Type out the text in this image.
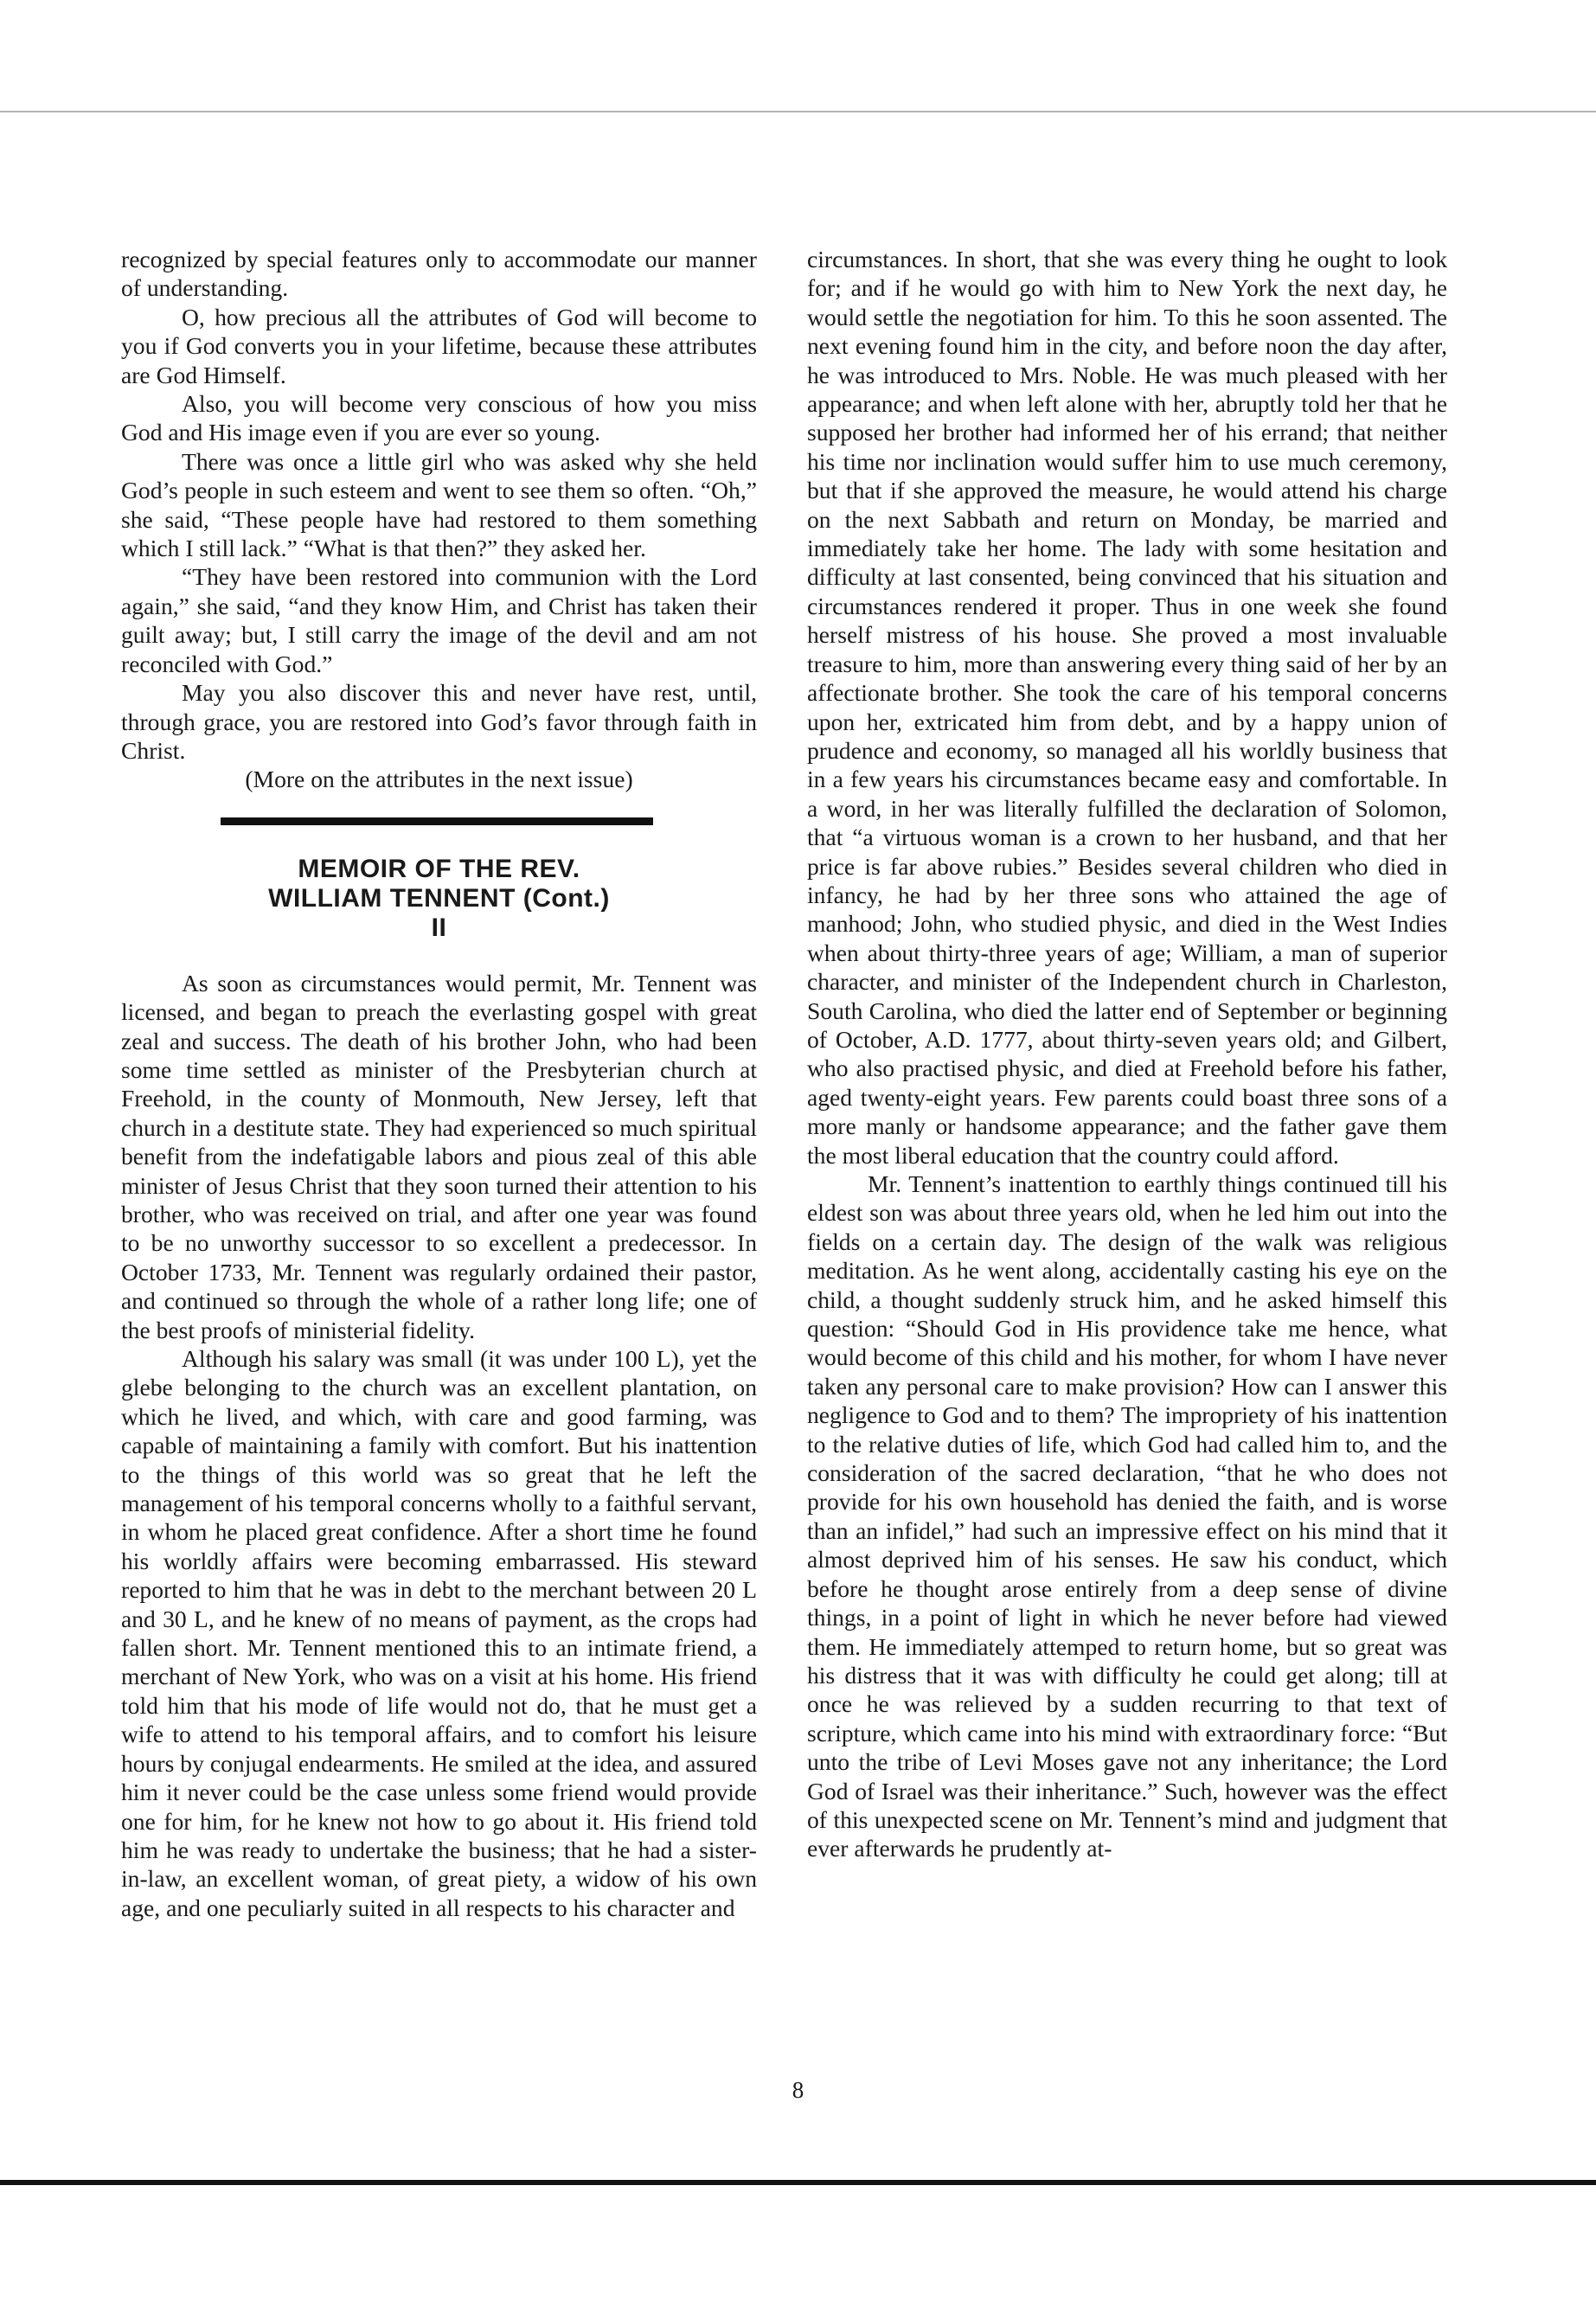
recognized by special features only to accommodate our manner of understanding.

O, how precious all the attributes of God will become to you if God converts you in your lifetime, because these attributes are God Himself.

Also, you will become very conscious of how you miss God and His image even if you are ever so young.

There was once a little girl who was asked why she held God’s people in such esteem and went to see them so often. “Oh,” she said, “These people have had restored to them something which I still lack.” “What is that then?” they asked her.

“They have been restored into communion with the Lord again,” she said, “and they know Him, and Christ has taken their guilt away; but, I still carry the image of the devil and am not reconciled with God.”

May you also discover this and never have rest, until, through grace, you are restored into God’s favor through faith in Christ.

(More on the attributes in the next issue)

MEMOIR OF THE REV.
WILLIAM TENNENT (Cont.)
II

As soon as circumstances would permit, Mr. Tennent was licensed, and began to preach the everlasting gospel with great zeal and success. The death of his brother John, who had been some time settled as minister of the Presbyterian church at Freehold, in the county of Monmouth, New Jersey, left that church in a destitute state. They had experienced so much spiritual benefit from the indefatigable labors and pious zeal of this able minister of Jesus Christ that they soon turned their attention to his brother, who was received on trial, and after one year was found to be no unworthy successor to so excellent a predecessor. In October 1733, Mr. Tennent was regularly ordained their pastor, and continued so through the whole of a rather long life; one of the best proofs of ministerial fidelity.

Although his salary was small (it was under 100 L), yet the glebe belonging to the church was an excellent plantation, on which he lived, and which, with care and good farming, was capable of maintaining a family with comfort. But his inattention to the things of this world was so great that he left the management of his temporal concerns wholly to a faithful servant, in whom he placed great confidence. After a short time he found his worldly affairs were becoming embarrassed. His steward reported to him that he was in debt to the merchant between 20 L and 30 L, and he knew of no means of payment, as the crops had fallen short. Mr. Tennent mentioned this to an intimate friend, a merchant of New York, who was on a visit at his home. His friend told him that his mode of life would not do, that he must get a wife to attend to his temporal affairs, and to comfort his leisure hours by conjugal endearments. He smiled at the idea, and assured him it never could be the case unless some friend would provide one for him, for he knew not how to go about it. His friend told him he was ready to undertake the business; that he had a sister-in-law, an excellent woman, of great piety, a widow of his own age, and one peculiarly suited in all respects to his character and

circumstances. In short, that she was every thing he ought to look for; and if he would go with him to New York the next day, he would settle the negotiation for him. To this he soon assented. The next evening found him in the city, and before noon the day after, he was introduced to Mrs. Noble. He was much pleased with her appearance; and when left alone with her, abruptly told her that he supposed her brother had informed her of his errand; that neither his time nor inclination would suffer him to use much ceremony, but that if she approved the measure, he would attend his charge on the next Sabbath and return on Monday, be married and immediately take her home. The lady with some hesitation and difficulty at last consented, being convinced that his situation and circumstances rendered it proper. Thus in one week she found herself mistress of his house. She proved a most invaluable treasure to him, more than answering every thing said of her by an affectionate brother. She took the care of his temporal concerns upon her, extricated him from debt, and by a happy union of prudence and economy, so managed all his worldly business that in a few years his circumstances became easy and comfortable. In a word, in her was literally fulfilled the declaration of Solomon, that “a virtuous woman is a crown to her husband, and that her price is far above rubies.” Besides several children who died in infancy, he had by her three sons who attained the age of manhood; John, who studied physic, and died in the West Indies when about thirty-three years of age; William, a man of superior character, and minister of the Independent church in Charleston, South Carolina, who died the latter end of September or beginning of October, A.D. 1777, about thirty-seven years old; and Gilbert, who also practised physic, and died at Freehold before his father, aged twenty-eight years. Few parents could boast three sons of a more manly or handsome appearance; and the father gave them the most liberal education that the country could afford.

Mr. Tennent’s inattention to earthly things continued till his eldest son was about three years old, when he led him out into the fields on a certain day. The design of the walk was religious meditation. As he went along, accidentally casting his eye on the child, a thought suddenly struck him, and he asked himself this question: “Should God in His providence take me hence, what would become of this child and his mother, for whom I have never taken any personal care to make provision? How can I answer this negligence to God and to them? The impropriety of his inattention to the relative duties of life, which God had called him to, and the consideration of the sacred declaration, “that he who does not provide for his own household has denied the faith, and is worse than an infidel,” had such an impressive effect on his mind that it almost deprived him of his senses. He saw his conduct, which before he thought arose entirely from a deep sense of divine things, in a point of light in which he never before had viewed them. He immediately attemped to return home, but so great was his distress that it was with difficulty he could get along; till at once he was relieved by a sudden recurring to that text of scripture, which came into his mind with extraordinary force: “But unto the tribe of Levi Moses gave not any inheritance; the Lord God of Israel was their inheritance.” Such, however was the effect of this unexpected scene on Mr. Tennent’s mind and judgment that ever afterwards he prudently at-

8
